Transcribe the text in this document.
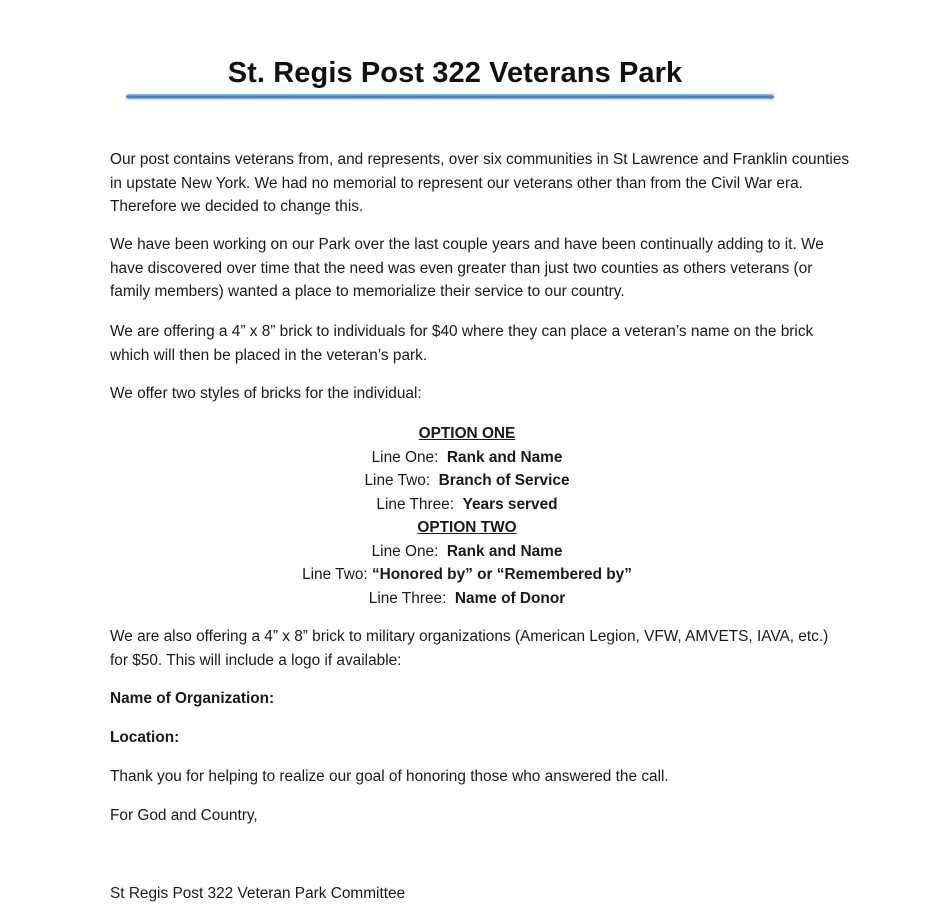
St. Regis Post 322 Veterans Park
Our post contains veterans from, and represents, over six communities in St Lawrence and Franklin counties in upstate New York. We had no memorial to represent our veterans other than from the Civil War era. Therefore we decided to change this.
We have been working on our Park over the last couple years and have been continually adding to it. We have discovered over time that the need was even greater than just two counties as others veterans (or family members) wanted a place to memorialize their service to our country.
We are offering a 4” x 8” brick to individuals for $40 where they can place a veteran’s name on the brick which will then be placed in the veteran’s park.
We offer two styles of bricks for the individual:
OPTION ONE
Line One:  Rank and Name
Line Two:  Branch of Service
Line Three:  Years served
OPTION TWO
Line One:  Rank and Name
Line Two: “Honored by” or “Remembered by”
Line Three:  Name of Donor
We are also offering a 4” x 8” brick to military organizations (American Legion, VFW, AMVETS, IAVA, etc.) for $50. This will include a logo if available:
Name of Organization:
Location:
Thank you for helping to realize our goal of honoring those who answered the call.
For God and Country,
St Regis Post 322 Veteran Park Committee
